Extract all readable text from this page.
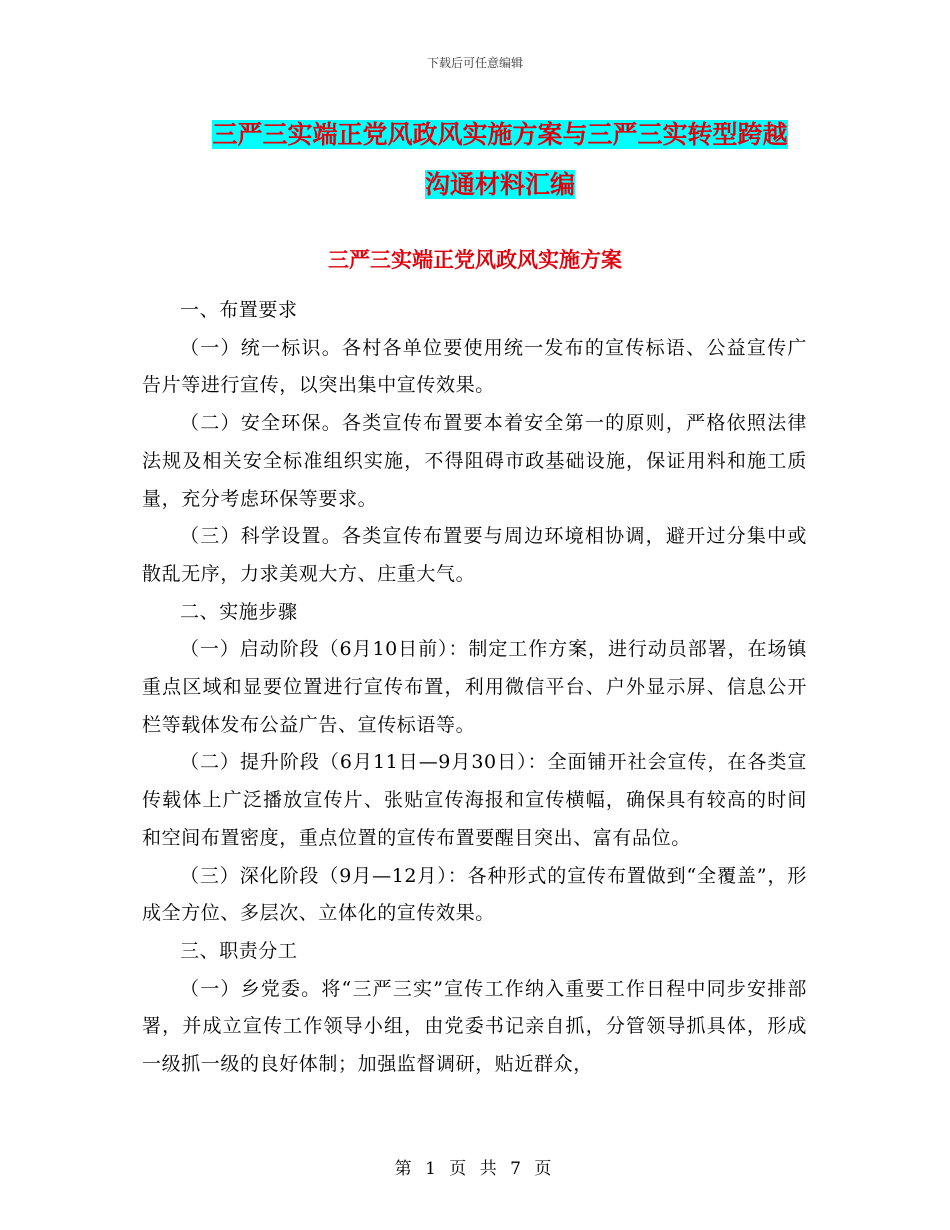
下载后可任意编辑
三严三实端正党风政风实施方案与三严三实转型跨越
沟通材料汇编
三严三实端正党风政风实施方案

一、布置要求

（一）统一标识。各村各单位要使用统一发布的宣传标语、公益宣传广告片等进行宣传，以突出集中宣传效果。

（二）安全环保。各类宣传布置要本着安全第一的原则，严格依照法律法规及相关安全标准组织实施，不得阻碍市政基础设施，保证用料和施工质量，充分考虑环保等要求。

（三）科学设置。各类宣传布置要与周边环境相协调，避开过分集中或散乱无序，力求美观大方、庄重大气。

二、实施步骤

（一）启动阶段（6月10日前）：制定工作方案，进行动员部署，在场镇重点区域和显要位置进行宣传布置，利用微信平台、户外显示屏、信息公开栏等载体发布公益广告、宣传标语等。

（二）提升阶段（6月11日—9月30日）：全面铺开社会宣传，在各类宣传载体上广泛播放宣传片、张贴宣传海报和宣传横幅，确保具有较高的时间和空间布置密度，重点位置的宣传布置要醒目突出、富有品位。

（三）深化阶段（9月—12月）：各种形式的宣传布置做到“全覆盖”，形成全方位、多层次、立体化的宣传效果。

三、职责分工

（一）乡党委。将“三严三实”宣传工作纳入重要工作日程中同步安排部署，并成立宣传工作领导小组，由党委书记亲自抓，分管领导抓具体，形成一级抓一级的良好体制；加强监督调研，贴近群众，

第 1 页 共 7 页
